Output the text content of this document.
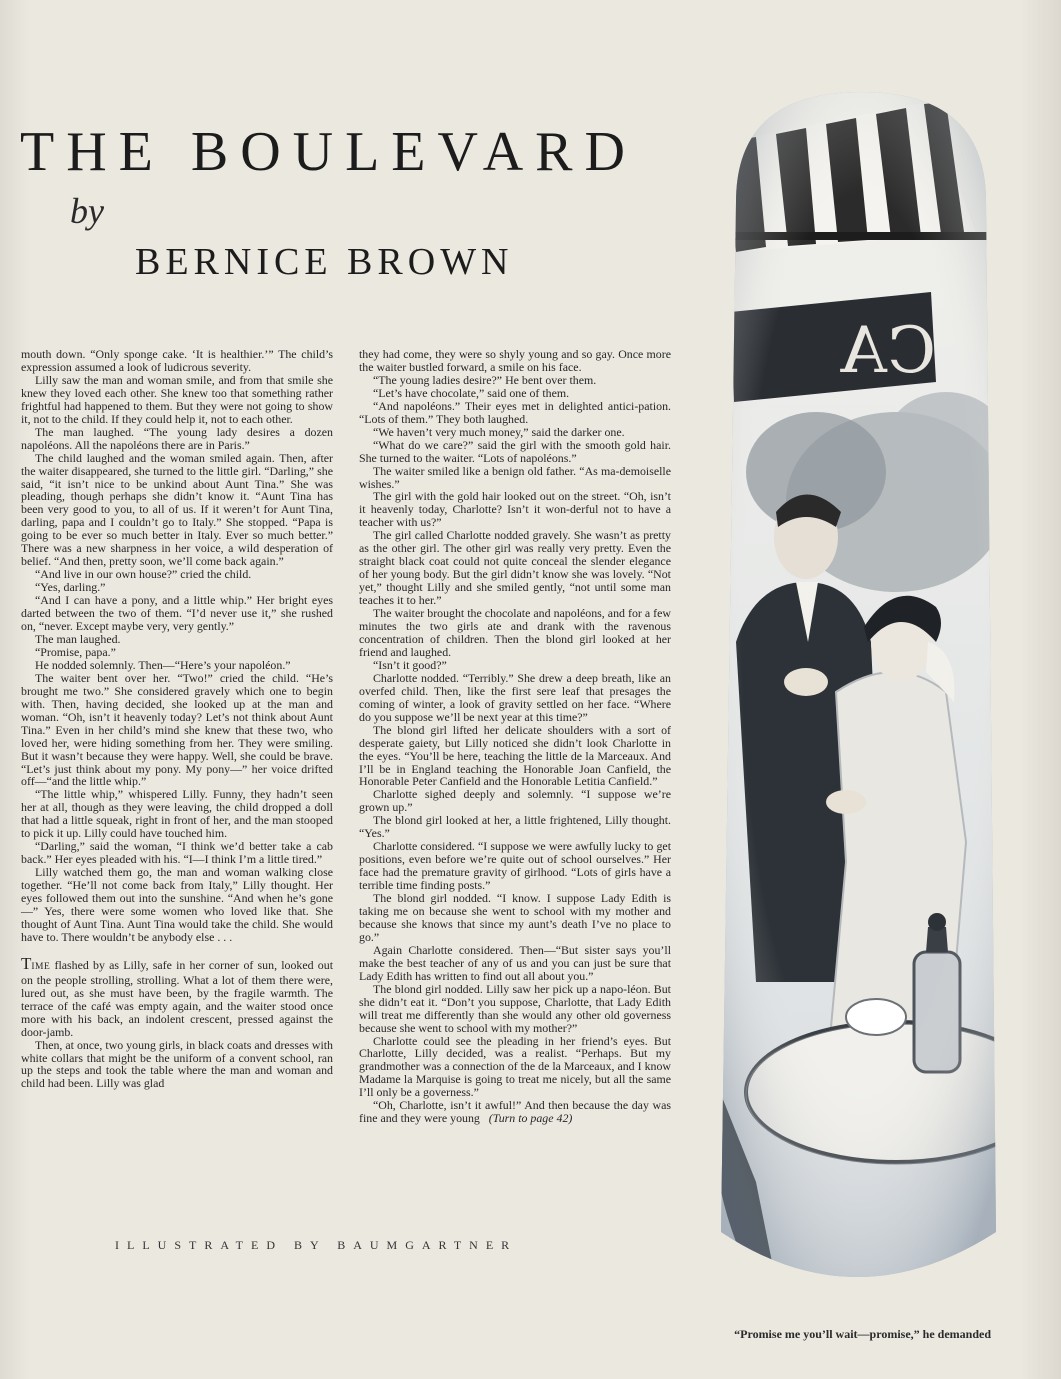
THE BOULEVARD
by
BERNICE BROWN

mouth down. “Only sponge cake. ‘It is healthier.’” The child’s expression assumed a look of ludicrous severity.

Lilly saw the man and woman smile, and from that smile she knew they loved each other. She knew too that something rather frightful had happened to them. But they were not going to show it, not to the child. If they could help it, not to each other.

The man laughed. “The young lady desires a dozen napoléons. All the napoléons there are in Paris.”

The child laughed and the woman smiled again. Then, after the waiter disappeared, she turned to the little girl. “Darling,” she said, “it isn’t nice to be unkind about Aunt Tina.” She was pleading, though perhaps she didn’t know it. “Aunt Tina has been very good to you, to all of us. If it weren’t for Aunt Tina, darling, papa and I couldn’t go to Italy.” She stopped. “Papa is going to be ever so much better in Italy. Ever so much better.” There was a new sharpness in her voice, a wild desperation of belief. “And then, pretty soon, we’ll come back again.”

“And live in our own house?” cried the child.

“Yes, darling.”

“And I can have a pony, and a little whip.” Her bright eyes darted between the two of them. “I’d never use it,” she rushed on, “never. Except maybe very, very gently.”

The man laughed.

“Promise, papa.”

He nodded solemnly. Then—“Here’s your napoléon.”

The waiter bent over her. “Two!” cried the child. “He’s brought me two.” She considered gravely which one to begin with. Then, having decided, she looked up at the man and woman. “Oh, isn’t it heavenly today? Let’s not think about Aunt Tina.” Even in her child’s mind she knew that these two, who loved her, were hiding something from her. They were smiling. But it wasn’t because they were happy. Well, she could be brave. “Let’s just think about my pony. My pony—” her voice drifted off—“and the little whip.”

“The little whip,” whispered Lilly. Funny, they hadn’t seen her at all, though as they were leaving, the child dropped a doll that had a little squeak, right in front of her, and the man stooped to pick it up. Lilly could have touched him.

“Darling,” said the woman, “I think we’d better take a cab back.” Her eyes pleaded with his. “I—I think I’m a little tired.”

Lilly watched them go, the man and woman walking close together. “He’ll not come back from Italy,” Lilly thought. Her eyes followed them out into the sunshine. “And when he’s gone—” Yes, there were some women who loved like that. She thought of Aunt Tina. Aunt Tina would take the child. She would have to. There wouldn’t be anybody else . . .

TIME flashed by as Lilly, safe in her corner of sun, looked out on the people strolling, strolling. What a lot of them there were, lured out, as she must have been, by the fragile warmth. The terrace of the café was empty again, and the waiter stood once more with his back, an indolent crescent, pressed against the door-jamb.

Then, at once, two young girls, in black coats and dresses with white collars that might be the uniform of a convent school, ran up the steps and took the table where the man and woman and child had been. Lilly was glad

they had come, they were so shyly young and so gay. Once more the waiter bustled forward, a smile on his face.

“The young ladies desire?” He bent over them.

“Let’s have chocolate,” said one of them.

“And napoléons.” Their eyes met in delighted antici-pation. “Lots of them.” They both laughed.

“We haven’t very much money,” said the darker one.

“What do we care?” said the girl with the smooth gold hair. She turned to the waiter. “Lots of napoléons.”

The waiter smiled like a benign old father. “As ma-demoiselle wishes.”

The girl with the gold hair looked out on the street. “Oh, isn’t it heavenly today, Charlotte? Isn’t it won-derful not to have a teacher with us?”

The girl called Charlotte nodded gravely. She wasn’t as pretty as the other girl. The other girl was really very pretty. Even the straight black coat could not quite conceal the slender elegance of her young body. But the girl didn’t know she was lovely. “Not yet,” thought Lilly and she smiled gently, “not until some man teaches it to her.”

The waiter brought the chocolate and napoléons, and for a few minutes the two girls ate and drank with the ravenous concentration of children. Then the blond girl looked at her friend and laughed.

“Isn’t it good?”

Charlotte nodded. “Terribly.” She drew a deep breath, like an overfed child. Then, like the first sere leaf that presages the coming of winter, a look of gravity settled on her face. “Where do you suppose we’ll be next year at this time?”

The blond girl lifted her delicate shoulders with a sort of desperate gaiety, but Lilly noticed she didn’t look Charlotte in the eyes. “You’ll be here, teaching the little de la Marceaux. And I’ll be in England teaching the Honorable Joan Canfield, the Honorable Peter Canfield and the Honorable Letitia Canfield.”

Charlotte sighed deeply and solemnly. “I suppose we’re grown up.”

The blond girl looked at her, a little frightened, Lilly thought. “Yes.”

Charlotte considered. “I suppose we were awfully lucky to get positions, even before we’re quite out of school ourselves.” Her face had the premature gravity of girlhood. “Lots of girls have a terrible time finding posts.”

The blond girl nodded. “I know. I suppose Lady Edith is taking me on because she went to school with my mother and because she knows that since my aunt’s death I’ve no place to go.”

Again Charlotte considered. Then—“But sister says you’ll make the best teacher of any of us and you can just be sure that Lady Edith has written to find out all about you.”

The blond girl nodded. Lilly saw her pick up a napo-léon. But she didn’t eat it. “Don’t you suppose, Charlotte, that Lady Edith will treat me differently than she would any other old governess because she went to school with my mother?”

Charlotte could see the pleading in her friend’s eyes. But Charlotte, Lilly decided, was a realist. “Perhaps. But my grandmother was a connection of the de la Marceaux, and I know Madame la Marquise is going to treat me nicely, but all the same I’ll only be a governess.”

“Oh, Charlotte, isn’t it awful!” And then because the day was fine and they were young (Turn to page 42)

ILLUSTRATED BY BAUMGARTNER
“Promise me you’ll wait—promise,” he demanded
